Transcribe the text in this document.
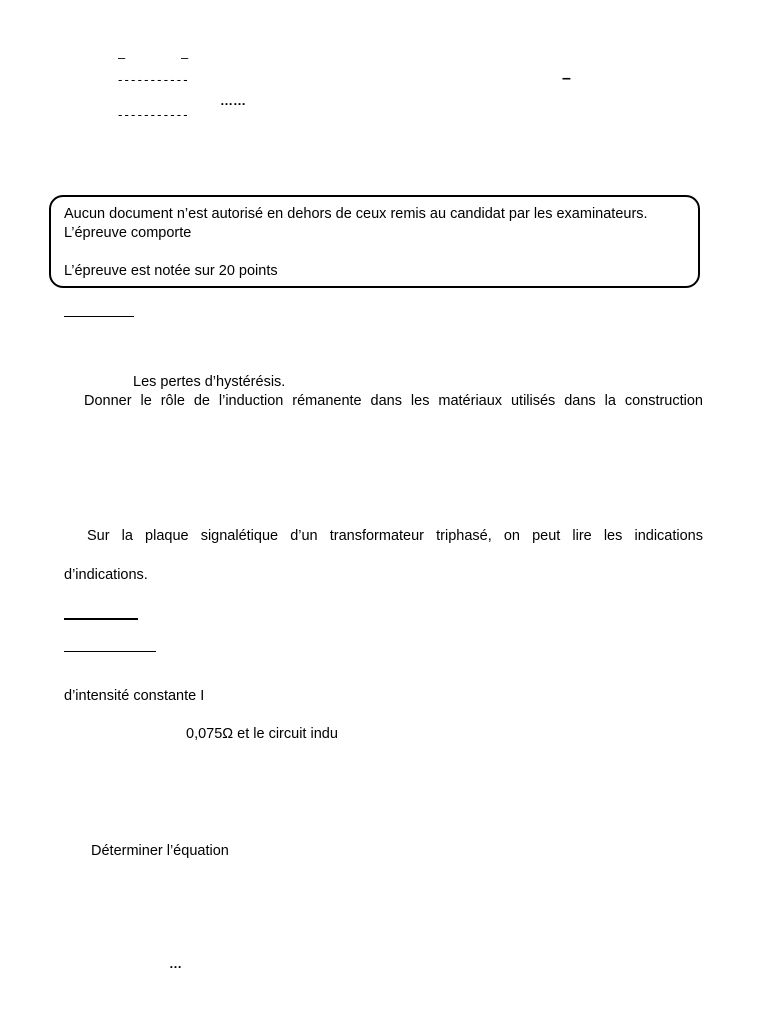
–	–
-----------	–
……
-----------
Aucun document n’est autorisé en dehors de ceux remis au candidat par les examinateurs.
L’épreuve comporte
L’épreuve est notée sur 20 points
Les pertes d’hystérésis.
Donner le rôle de l’induction rémanente dans les matériaux utilisés dans la construction
Sur la plaque signalétique d’un transformateur triphasé, on peut lire les indications
d’indications.
d’intensité constante I
0,075Ω et le circuit indu
Déterminer l’équation
…
